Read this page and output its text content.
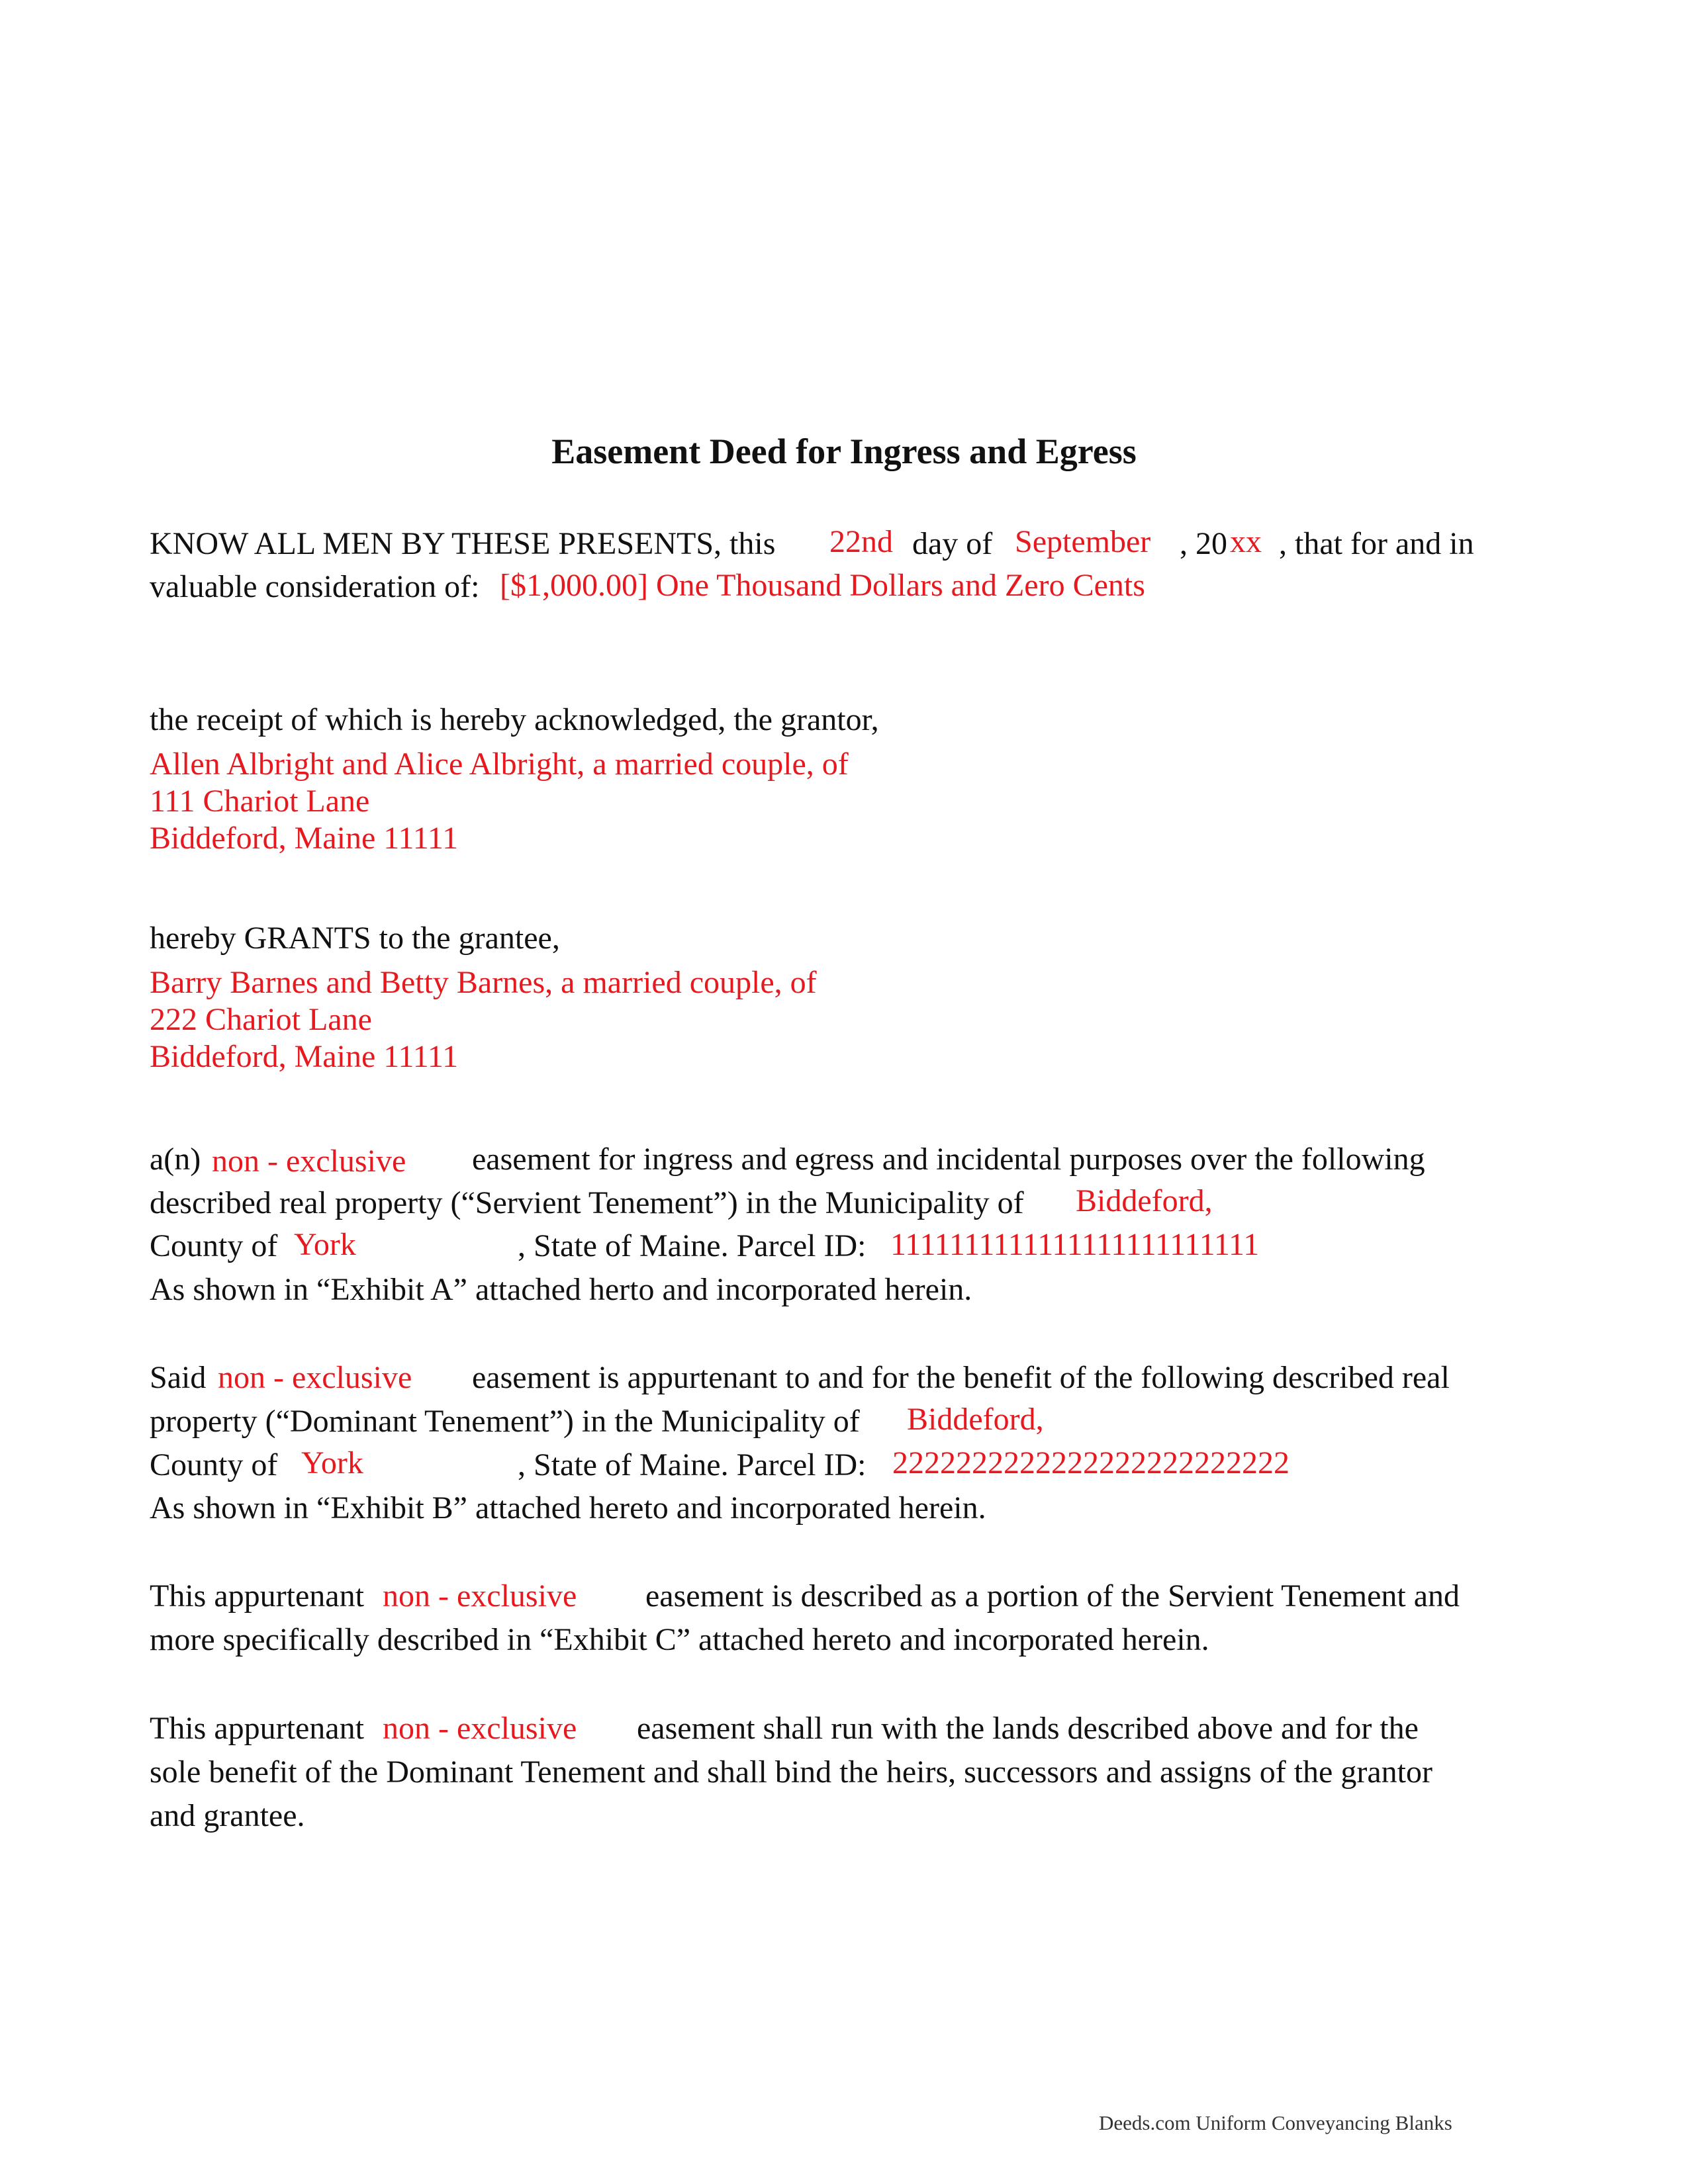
Easement Deed for Ingress and Egress
KNOW ALL MEN BY THESE PRESENTS, this 22nd day of September , 20 xx , that for and in
valuable consideration of: [$1,000.00] One Thousand Dollars and Zero Cents
the receipt of which is hereby acknowledged, the grantor,
Allen Albright and Alice Albright, a married couple, of
111 Chariot Lane
Biddeford, Maine 11111
hereby GRANTS to the grantee,
Barry Barnes and Betty Barnes, a married couple, of
222 Chariot Lane
Biddeford, Maine 11111
a(n) non - exclusive easement for ingress and egress and incidental purposes over the following
described real property (“Servient Tenement”) in the Municipality of Biddeford,
County of York	, State of Maine. Parcel ID: 1111111111111111111111111
As shown in “Exhibit A” attached herto and incorporated herein.
Said non - exclusive easement is appurtenant to and for the benefit of the following described real
property (“Dominant Tenement”) in the Municipality of Biddeford,
County of York	, State of Maine. Parcel ID: 2222222222222222222222222
As shown in “Exhibit B” attached hereto and incorporated herein.
This appurtenant non - exclusive easement is described as a portion of the Servient Tenement and
more specifically described in “Exhibit C” attached hereto and incorporated herein.
This appurtenant non - exclusive easement shall run with the lands described above and for the
sole benefit of the Dominant Tenement and shall bind the heirs, successors and assigns of the grantor
and grantee.
Deeds.com Uniform Conveyancing Blanks
